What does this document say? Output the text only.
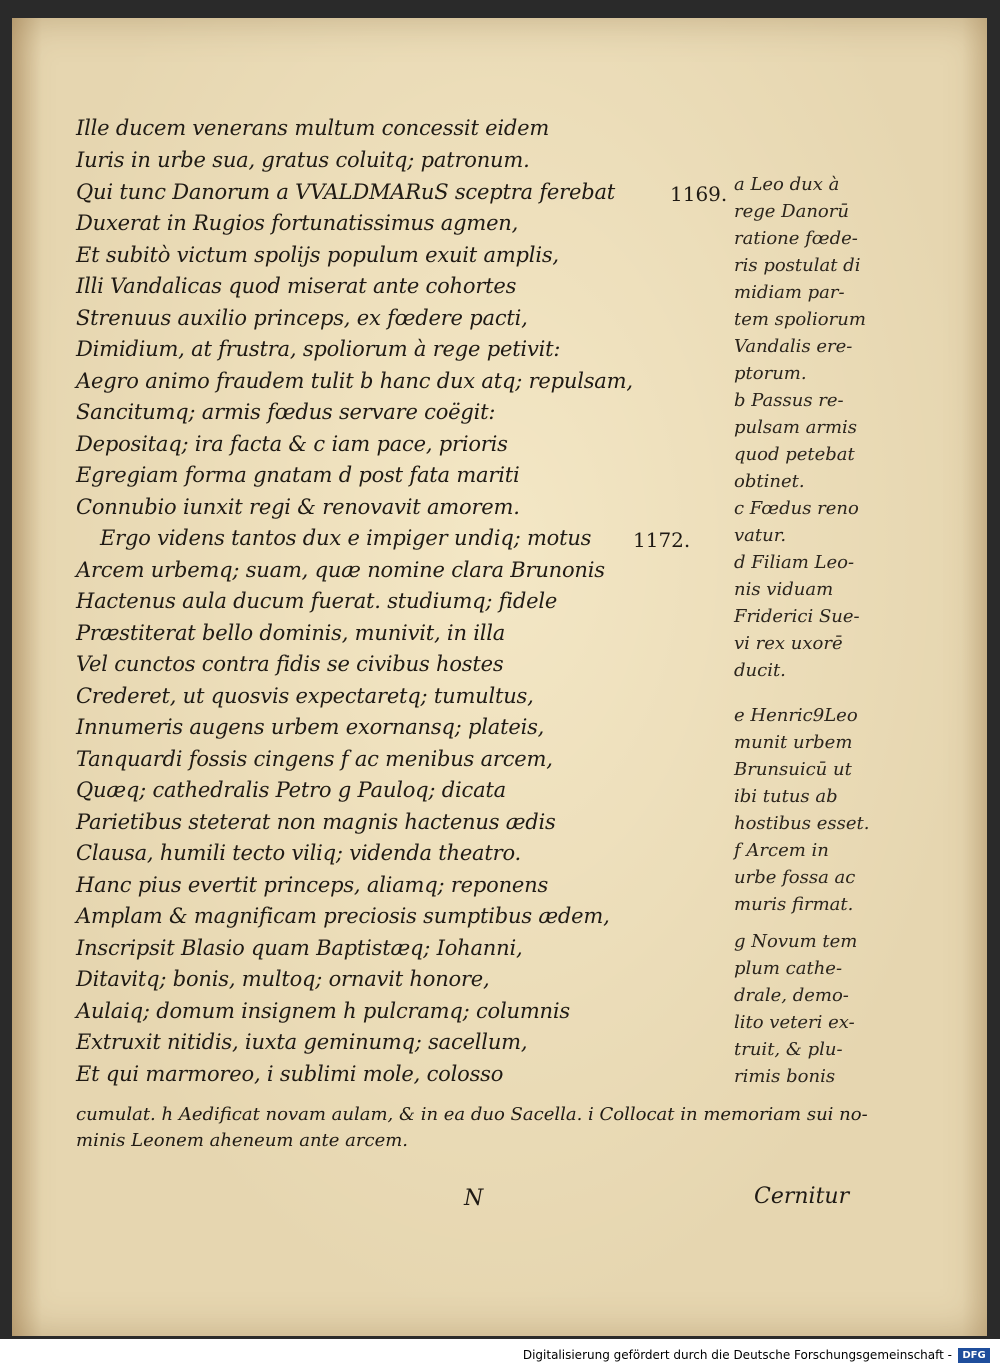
Ille ducem venerans multum concessit eidem
Iuris in urbe sua, gratus coluitq; patronum.
Qui tunc Danorum a VVALDMARuS sceptra ferebat
Duxerat in Rugios fortunatissimus agmen,
Et subitò victum spolijs populum exuit amplis,
Illi Vandalicas quod miserat ante cohortes
Strenuus auxilio princeps, ex fœdere pacti,
Dimidium, at frustra, spoliorum à rege petivit:
Aegro animo fraudem tulit b hanc dux atq; repulsam,
Sancitumq; armis fœdus servare coëgit:
Depositaq; ira facta & c iam pace, prioris
Egregiam forma gnatam d post fata mariti
Connubio iunxit regi & renovavit amorem.
Ergo videns tantos dux e impiger undiq; motus
Arcem urbemq; suam, quæ nomine clara Brunonis
Hactenus aula ducum fuerat. studiumq; fidele
Præstiterat bello dominis, munivit, in illa
Vel cunctos contra fidis se civibus hostes
Crederet, ut quosvis expectaretq; tumultus,
Innumeris augens urbem exornansq; plateis,
Tanquardi fossis cingens f ac menibus arcem,
Quæq; cathedralis Petro g Pauloq; dicata
Parietibus steterat non magnis hactenus ædis
Clausa, humili tecto viliq; videnda theatro.
Hanc pius evertit princeps, aliamq; reponens
Amplam & magnificam preciosis sumptibus ædem,
Inscripsit Blasio quam Baptistæq; Iohanni,
Ditavitq; bonis, multoq; ornavit honore,
Aulaiq; domum insignem h pulcramq; columnis
Extruxit nitidis, iuxta geminumq; sacellum,
Et qui marmoreo, i sublimi mole, colosso
1169.
1172.
a Leo dux à
rege Danorū
ratione fœde-
ris postulat di
midiam par-
tem spoliorum
Vandalis ere-
ptorum.
b Passus re-
pulsam armis
quod petebat
obtinet.
c Fœdus reno
vatur.
d Filiam Leo-
nis viduam
Friderici Sue-
vi rex uxorē
ducit.
e Henric9Leo
munit urbem
Brunsuicū ut
ibi tutus ab
hostibus esset.
f Arcem in
urbe fossa ac
muris firmat.
g Novum tem
plum cathe-
drale, demo-
lito veteri ex-
truit, & plu-
rimis bonis
cumulat. h Aedificat novam aulam, & in ea duo Sacella. i Collocat in memoriam sui no-
minis Leonem aheneum ante arcem.
N	Cernitur
Digitalisierung gefördert durch die Deutsche Forschungsgemeinschaft -	DFG
